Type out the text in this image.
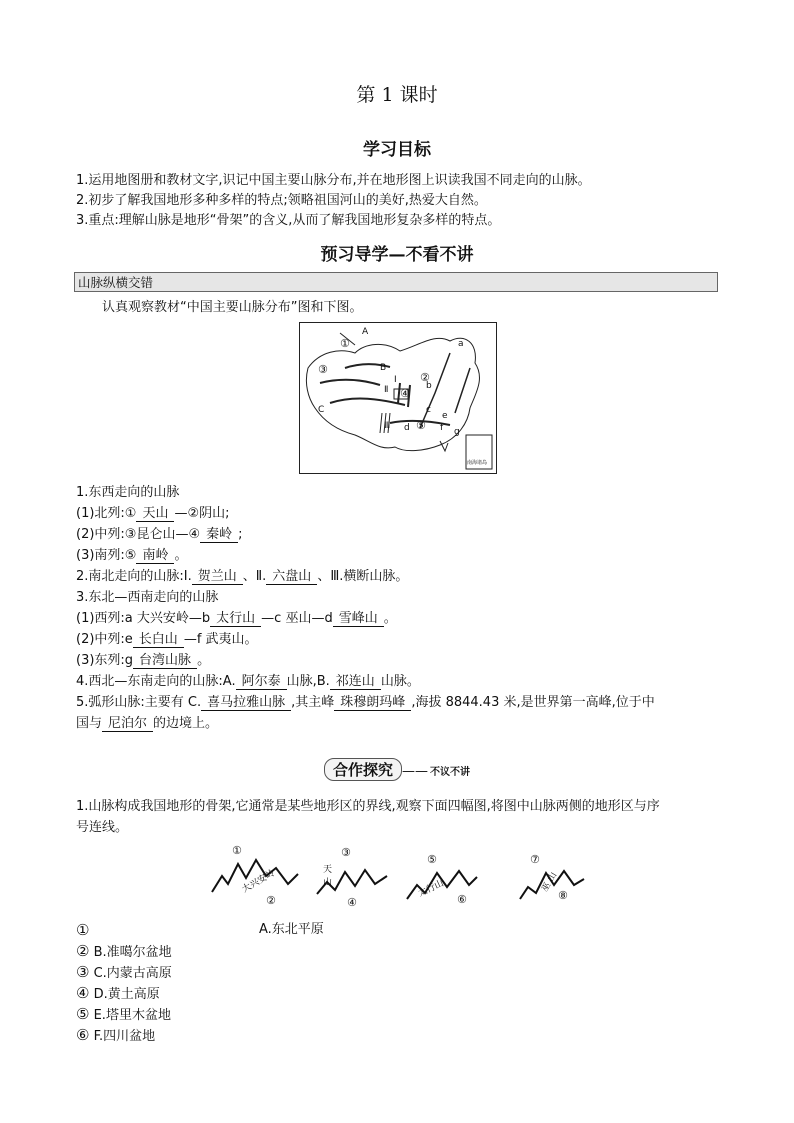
第 1 课时
学习目标
1.运用地图册和教材文字,识记中国主要山脉分布,并在地形图上识读我国不同走向的山脉。
2.初步了解我国地形多种多样的特点;领略祖国河山的美好,热爱大自然。
3.重点:理解山脉是地形“骨架”的含义,从而了解我国地形复杂多样的特点。
预习导学—不看不讲
山脉纵横交错
认真观察教材“中国主要山脉分布”图和下图。
A
①
②
③
④
⑤
B
C
Ⅰ
Ⅱ
Ⅲ
a
b
c
d
e
f g
南海诸岛
1.东西走向的山脉
(1)北列:① 天山 —②阴山;
(2)中列:③昆仑山—④ 秦岭 ;
(3)南列:⑤ 南岭 。
2.南北走向的山脉:Ⅰ. 贺兰山 、Ⅱ. 六盘山 、Ⅲ.横断山脉。
3.东北—西南走向的山脉
(1)西列:a 大兴安岭—b 太行山 —c 巫山—d 雪峰山 。
(2)中列:e 长白山 —f 武夷山。
(3)东列:g 台湾山脉 。
4.西北—东南走向的山脉:A. 阿尔泰 山脉,B. 祁连山 山脉。
5.弧形山脉:主要有 C. 喜马拉雅山脉 ,其主峰 珠穆朗玛峰 ,海拔 8844.43 米,是世界第一高峰,位于中
国与 尼泊尔 的边境上。
合作探究 —— 不议不讲
1.山脉构成我国地形的骨架,它通常是某些地形区的界线,观察下面四幅图,将图中山脉两侧的地形区与序
号连线。
①
大兴安岭
②
③
天 山
④
⑤
太行山
⑥
⑦
巫 山
⑧
①	A.东北平原
② B.准噶尔盆地
③ C.内蒙古高原
④ D.黄土高原
⑤ E.塔里木盆地
⑥ F.四川盆地
